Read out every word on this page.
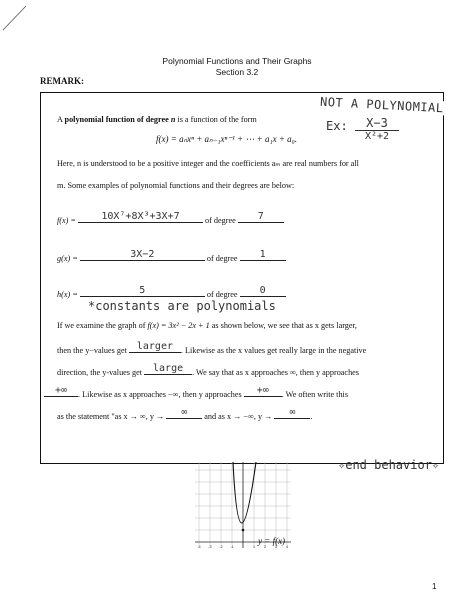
Polynomial Functions and Their Graphs
Section 3.2
REMARK:
NOT A POLYNOMIAL
Ex:	X−3
X²+2
A polynomial function of degree n is a function of the form
f(x) = aₙxⁿ + aₙ₋₁xⁿ⁻¹ + ⋯ + a₁x + a₀.
Here, n is understood to be a positive integer and the coefficients aₘ are real numbers for all
m. Some examples of polynomial functions and their degrees are below:
f(x) =	10X⁷+8X³+3X+7	of degree	7
g(x) =	3X−2	of degree	1
h(x) =	5	of degree	0
*constants are polynomials
If we examine the graph of f(x) = 3x² − 2x + 1 as shown below, we see that as x gets larger,
then the y−values get larger . Likewise as the x values get really large in the negative
direction, the y-values get large	. We say that as x approaches ∞, then y approaches
+∞	. Likewise as x approaches −∞, then y approaches	+∞	. We often write this
as the statement "as x → ∞, y →	∞	and as x → −∞, y →	∞	.
✧end behavior✧
-4 -3 -2 -1	1	2	3	4
y = f(x)
1
